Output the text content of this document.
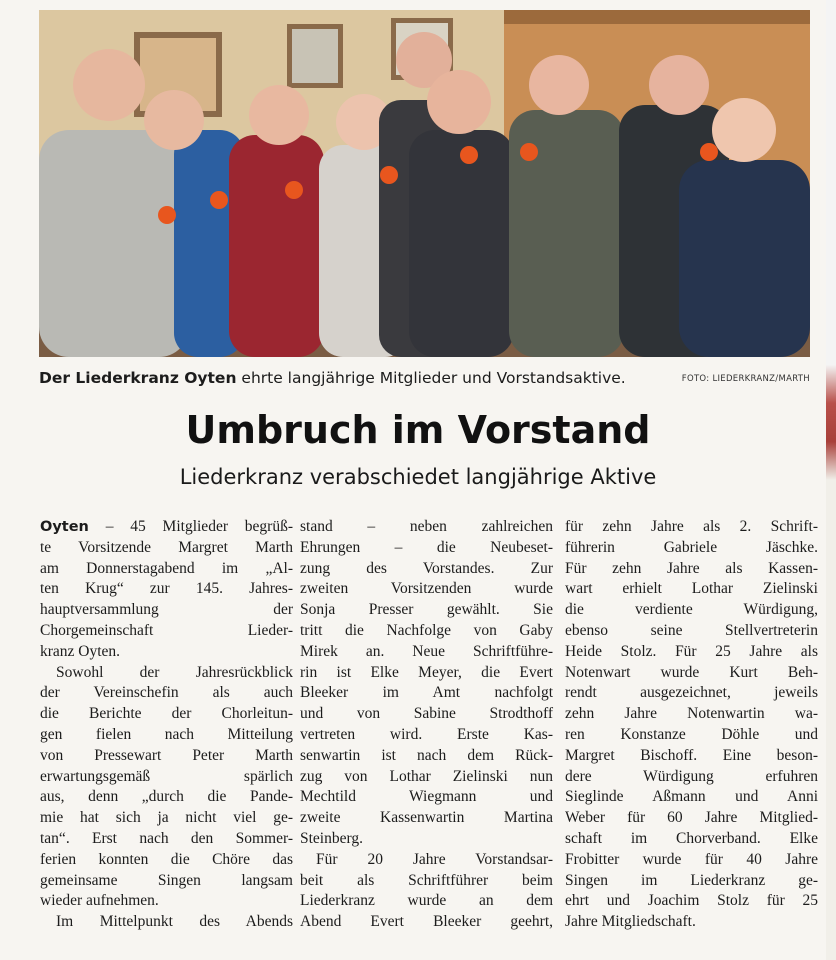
Der Liederkranz Oyten ehrte langjährige Mitglieder und Vorstandsaktive.	FOTO: LIEDERKRANZ/MARTH
Umbruch im Vorstand
Liederkranz verabschiedet langjährige Aktive

Oyten – 45 Mitglieder begrüß-

te Vorsitzende Margret Marth

am Donnerstagabend im „Al-

ten Krug“ zur 145. Jahres-

hauptversammlung der

Chorgemeinschaft Lieder-

kranz Oyten.

Sowohl der Jahresrückblick

der Vereinschefin als auch

die Berichte der Chorleitun-

gen fielen nach Mitteilung

von Pressewart Peter Marth

erwartungsgemäß spärlich

aus, denn „durch die Pande-

mie hat sich ja nicht viel ge-

tan“. Erst nach den Sommer-

ferien konnten die Chöre das

gemeinsame Singen langsam

wieder aufnehmen.

Im Mittelpunkt des Abends

stand – neben zahlreichen

Ehrungen – die Neubeset-

zung des Vorstandes. Zur

zweiten Vorsitzenden wurde

Sonja Presser gewählt. Sie

tritt die Nachfolge von Gaby

Mirek an. Neue Schriftführe-

rin ist Elke Meyer, die Evert

Bleeker im Amt nachfolgt

und von Sabine Strodthoff

vertreten wird. Erste Kas-

senwartin ist nach dem Rück-

zug von Lothar Zielinski nun

Mechtild Wiegmann und

zweite Kassenwartin Martina

Steinberg.

Für 20 Jahre Vorstandsar-

beit als Schriftführer beim

Liederkranz wurde an dem

Abend Evert Bleeker geehrt,

für zehn Jahre als 2. Schrift-

führerin Gabriele Jäschke.

Für zehn Jahre als Kassen-

wart erhielt Lothar Zielinski

die verdiente Würdigung,

ebenso seine Stellvertreterin

Heide Stolz. Für 25 Jahre als

Notenwart wurde Kurt Beh-

rendt ausgezeichnet, jeweils

zehn Jahre Notenwartin wa-

ren Konstanze Döhle und

Margret Bischoff. Eine beson-

dere Würdigung erfuhren

Sieglinde Aßmann und Anni

Weber für 60 Jahre Mitglied-

schaft im Chorverband. Elke

Frobitter wurde für 40 Jahre

Singen im Liederkranz ge-

ehrt und Joachim Stolz für 25

Jahre Mitgliedschaft.
